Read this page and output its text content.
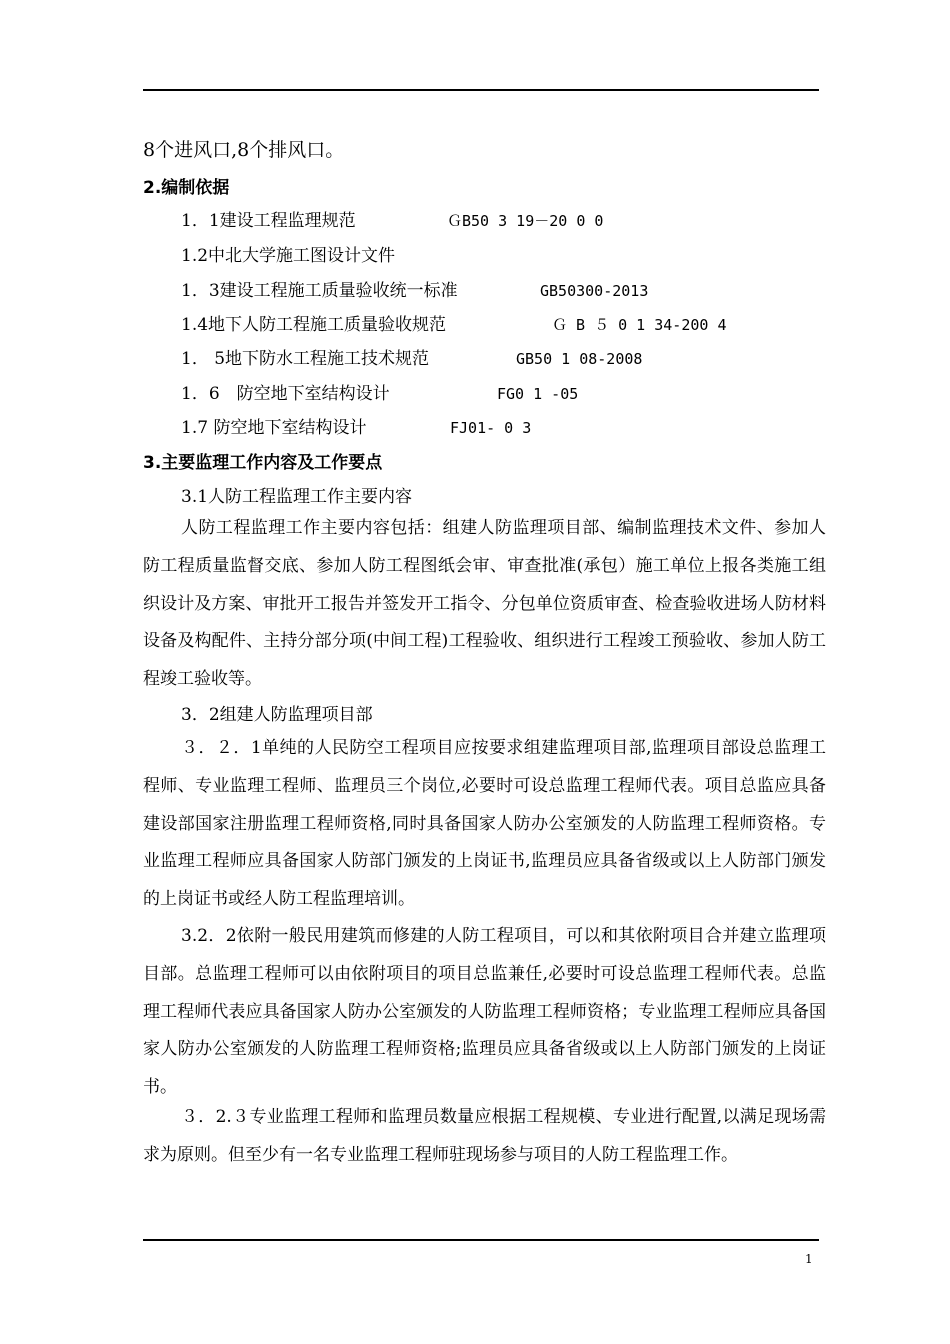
8个进风口,8个排风口。
2.编制依据
1．1建设工程监理规范	ＧB50 3 19－20 0 0
1.2中北大学施工图设计文件
1．3建设工程施工质量验收统一标准	GB50300-2013
1.4地下人防工程施工质量验收规范	Ｇ B ５ 0 1 34-200 4
1． 5地下防水工程施工技术规范	GB50 1 08-2008
1．6　防空地下室结构设计	FG0 1 -05
1.7 防空地下室结构设计	FJ01- 0 3
3.主要监理工作内容及工作要点
3.1人防工程监理工作主要内容

人防工程监理工作主要内容包括：组建人防监理项目部、编制监理技术文件、参加人防工程质量监督交底、参加人防工程图纸会审、审查批准(承包）施工单位上报各类施工组织设计及方案、审批开工报告并签发开工指令、分包单位资质审查、检查验收进场人防材料设备及构配件、主持分部分项(中间工程)工程验收、组织进行工程竣工预验收、参加人防工程竣工验收等。

3．2组建人防监理项目部

３．２．1单纯的人民防空工程项目应按要求组建监理项目部,监理项目部设总监理工程师、专业监理工程师、监理员三个岗位,必要时可设总监理工程师代表。项目总监应具备建设部国家注册监理工程师资格,同时具备国家人防办公室颁发的人防监理工程师资格。专业监理工程师应具备国家人防部门颁发的上岗证书,监理员应具备省级或以上人防部门颁发的上岗证书或经人防工程监理培训。

3.2．2依附一般民用建筑而修建的人防工程项目，可以和其依附项目合并建立监理项目部。总监理工程师可以由依附项目的项目总监兼任,必要时可设总监理工程师代表。总监理工程师代表应具备国家人防办公室颁发的人防监理工程师资格；专业监理工程师应具备国家人防办公室颁发的人防监理工程师资格;监理员应具备省级或以上人防部门颁发的上岗证书。

３．2.３专业监理工程师和监理员数量应根据工程规模、专业进行配置,以满足现场需求为原则。但至少有一名专业监理工程师驻现场参与项目的人防工程监理工作。

1
